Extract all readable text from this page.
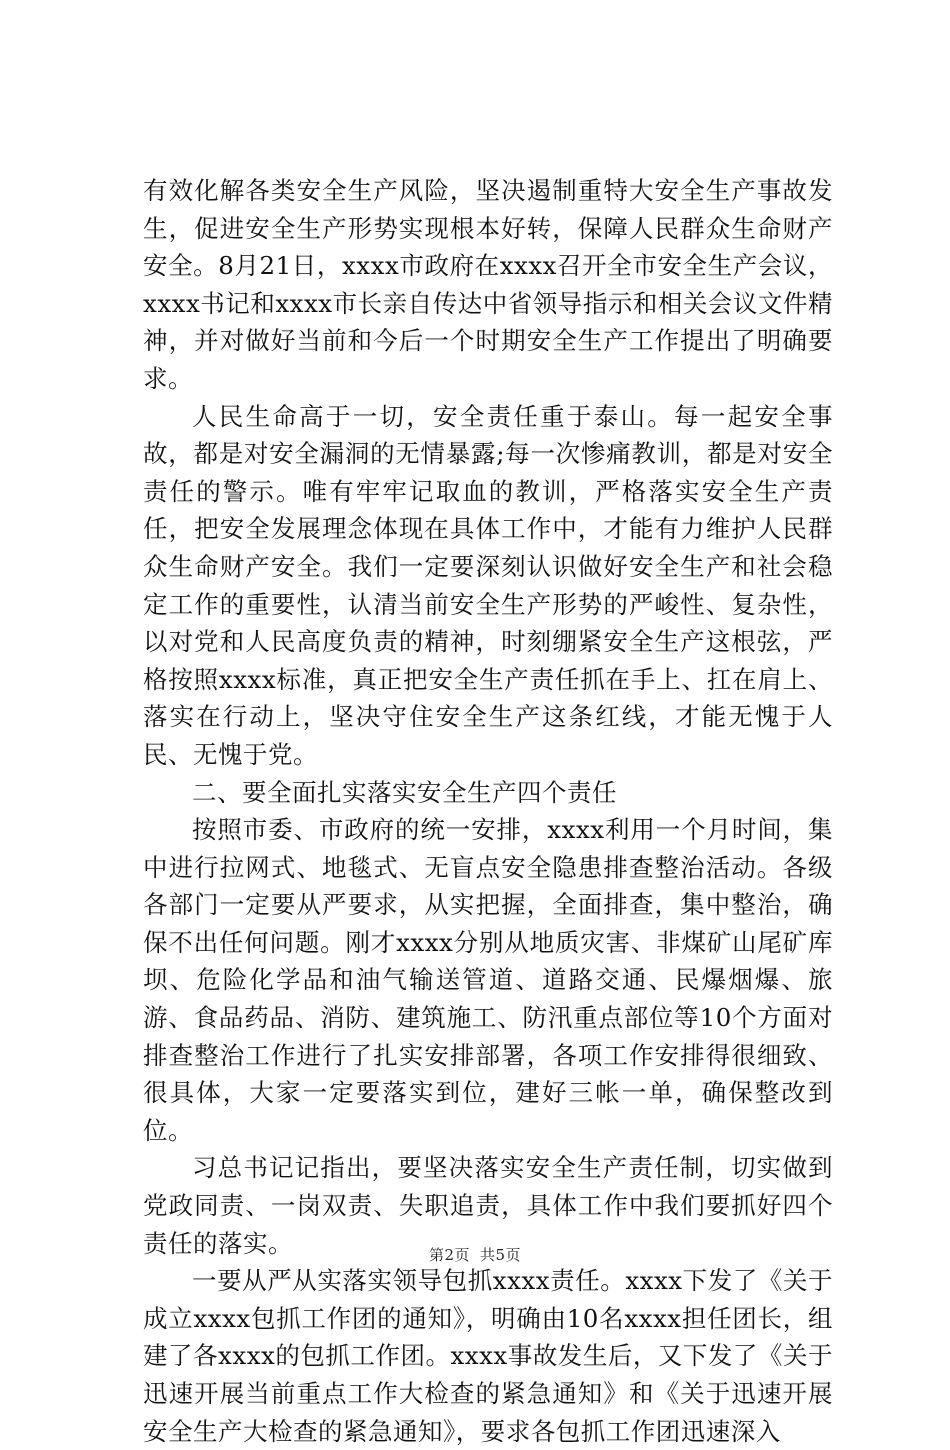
有效化解各类安全生产风险，坚决遏制重特大安全生产事故发生，促进安全生产形势实现根本好转，保障人民群众生命财产安全。8月21日，xxxx市政府在xxxx召开全市安全生产会议，xxxx书记和xxxx市长亲自传达中省领导指示和相关会议文件精神，并对做好当前和今后一个时期安全生产工作提出了明确要求。

人民生命高于一切，安全责任重于泰山。每一起安全事故，都是对安全漏洞的无情暴露;每一次惨痛教训，都是对安全责任的警示。唯有牢牢记取血的教训，严格落实安全生产责任，把安全发展理念体现在具体工作中，才能有力维护人民群众生命财产安全。我们一定要深刻认识做好安全生产和社会稳定工作的重要性，认清当前安全生产形势的严峻性、复杂性，以对党和人民高度负责的精神，时刻绷紧安全生产这根弦，严格按照xxxx标准，真正把安全生产责任抓在手上、扛在肩上、落实在行动上，坚决守住安全生产这条红线，才能无愧于人民、无愧于党。

二、要全面扎实落实安全生产四个责任

按照市委、市政府的统一安排，xxxx利用一个月时间，集中进行拉网式、地毯式、无盲点安全隐患排查整治活动。各级各部门一定要从严要求，从实把握，全面排查，集中整治，确保不出任何问题。刚才xxxx分别从地质灾害、非煤矿山尾矿库坝、危险化学品和油气输送管道、道路交通、民爆烟爆、旅游、食品药品、消防、建筑施工、防汛重点部位等10个方面对排查整治工作进行了扎实安排部署，各项工作安排得很细致、很具体，大家一定要落实到位，建好三帐一单，确保整改到位。

习总书记记指出，要坚决落实安全生产责任制，切实做到党政同责、一岗双责、失职追责，具体工作中我们要抓好四个责任的落实。

一要从严从实落实领导包抓xxxx责任。xxxx下发了《关于成立xxxx包抓工作团的通知》，明确由10名xxxx担任团长，组建了各xxxx的包抓工作团。xxxx事故发生后，又下发了《关于迅速开展当前重点工作大检查的紧急通知》和《关于迅速开展安全生产大检查的紧急通知》，要求各包抓工作团迅速深入

第2页 共5页
